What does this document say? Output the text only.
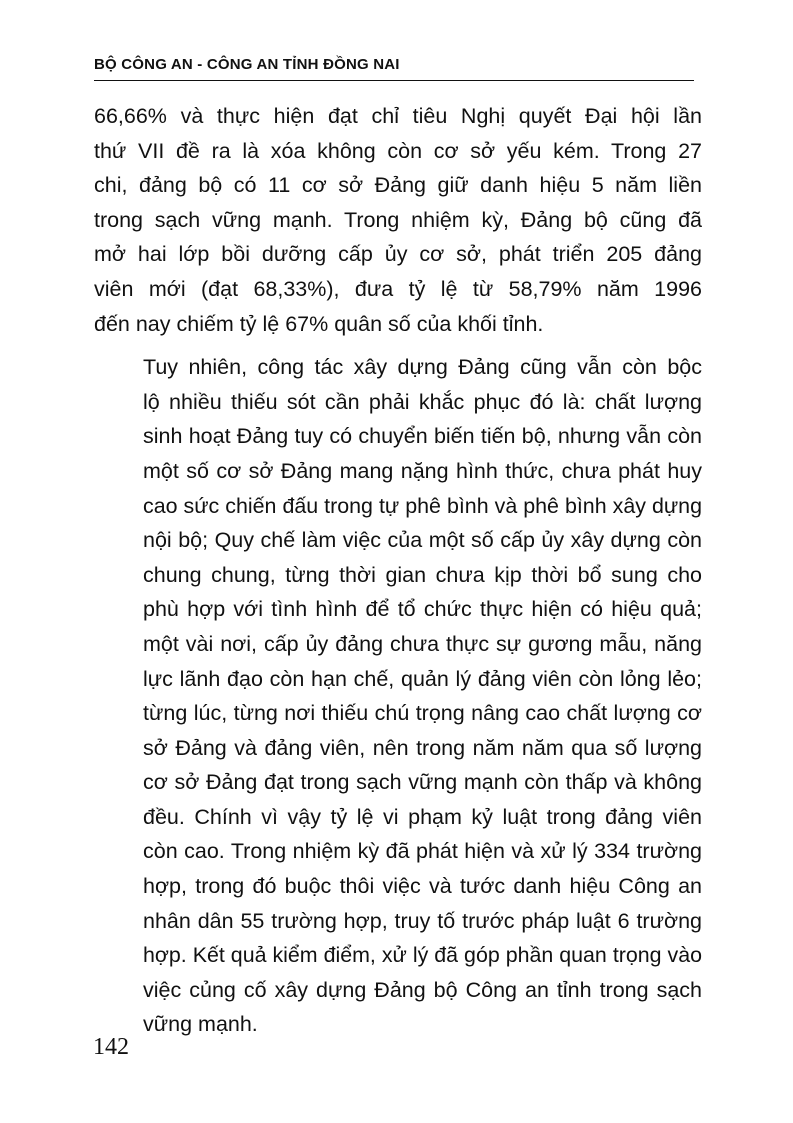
BỘ CÔNG AN - CÔNG AN TỈNH ĐỒNG NAI

66,66% và thực hiện đạt chỉ tiêu Nghị quyết Đại hội lần
thứ VII đề ra là xóa không còn cơ sở yếu kém. Trong 27
chi, đảng bộ có 11 cơ sở Đảng giữ danh hiệu 5 năm liền
trong sạch vững mạnh. Trong nhiệm kỳ, Đảng bộ cũng đã
mở hai lớp bồi dưỡng cấp ủy cơ sở, phát triển 205 đảng
viên mới (đạt 68,33%), đưa tỷ lệ từ 58,79% năm 1996
đến nay chiếm tỷ lệ 67% quân số của khối tỉnh.

Tuy nhiên, công tác xây dựng Đảng cũng vẫn còn bộc
lộ nhiều thiếu sót cần phải khắc phục đó là: chất lượng
sinh hoạt Đảng tuy có chuyển biến tiến bộ, nhưng vẫn còn
một số cơ sở Đảng mang nặng hình thức, chưa phát huy
cao sức chiến đấu trong tự phê bình và phê bình xây dựng
nội bộ; Quy chế làm việc của một số cấp ủy xây dựng còn
chung chung, từng thời gian chưa kịp thời bổ sung cho
phù hợp với tình hình để tổ chức thực hiện có hiệu quả;
một vài nơi, cấp ủy đảng chưa thực sự gương mẫu, năng
lực lãnh đạo còn hạn chế, quản lý đảng viên còn lỏng lẻo;
từng lúc, từng nơi thiếu chú trọng nâng cao chất lượng cơ
sở Đảng và đảng viên, nên trong năm năm qua số lượng
cơ sở Đảng đạt trong sạch vững mạnh còn thấp và không
đều. Chính vì vậy tỷ lệ vi phạm kỷ luật trong đảng viên
còn cao. Trong nhiệm kỳ đã phát hiện và xử lý 334 trường
hợp, trong đó buộc thôi việc và tước danh hiệu Công an
nhân dân 55 trường hợp, truy tố trước pháp luật 6 trường
hợp. Kết quả kiểm điểm, xử lý đã góp phần quan trọng vào
việc củng cố xây dựng Đảng bộ Công an tỉnh trong sạch
vững mạnh.

142
